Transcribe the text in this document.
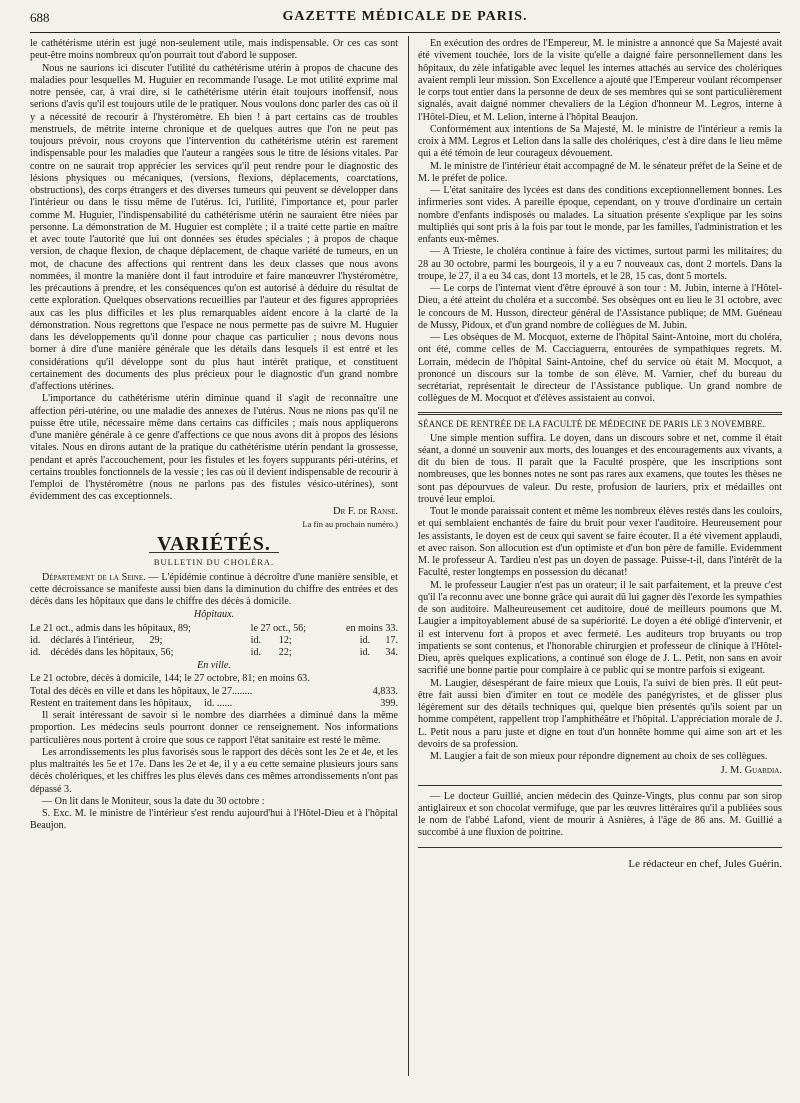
688	GAZETTE MÉDICALE DE PARIS.

le cathétérisme utérin est jugé non-seulement utile, mais indispensable. Or ces cas sont peut-être moins nombreux qu'on pourrait tout d'abord le supposer.

Nous ne saurions ici discuter l'utilité du cathétérisme utérin à propos de chacune des maladies pour lesquelles M. Huguier en recommande l'usage. Le mot utilité exprime mal notre pensée, car, à vrai dire, si le cathétérisme utérin était toujours inoffensif, nous serions d'avis qu'il est toujours utile de le pratiquer. Nous voulons donc parler des cas où il y a nécessité de recourir à l'hystéromètre. Eh bien ! à part certains cas de troubles menstruels, de métrite interne chronique et de quelques autres que l'on ne peut pas toujours prévoir, nous croyons que l'intervention du cathétérisme utérin est rarement indispensable pour les maladies que l'auteur a rangées sous le titre de lésions vitales. Par contre on ne saurait trop apprécier les services qu'il peut rendre pour le diagnostic des lésions physiques ou mécaniques, (versions, flexions, déplacements, coarctations, obstructions), des corps étrangers et des diverses tumeurs qui peuvent se développer dans l'intérieur ou dans le tissu même de l'utérus. Ici, l'utilité, l'importance et, pour parler comme M. Huguier, l'indispensabilité du cathétérisme utérin ne sauraient être niées par personne. La démonstration de M. Huguier est complète ; il a traité cette partie en maître et avec toute l'autorité que lui ont données ses études spéciales ; à propos de chaque version, de chaque flexion, de chaque déplacement, de chaque variété de tumeurs, en un mot, de chacune des affections qui rentrent dans les deux classes que nous avons nommées, il montre la manière dont il faut introduire et faire manœuvrer l'hystéromètre, les précautions à prendre, et les conséquences qu'on est autorisé à déduire du résultat de cette exploration. Quelques observations recueillies par l'auteur et des figures appropriées aux cas les plus difficiles et les plus remarquables aident encore à la clarté de la démonstration. Nous regrettons que l'espace ne nous permette pas de suivre M. Huguier dans les développements qu'il donne pour chaque cas particulier ; nous devons nous borner à dire d'une manière générale que les détails dans lesquels il est entré et les considérations qu'il développe sont du plus haut intérêt pratique, et constituent certainement des documents des plus précieux pour le diagnostic d'un grand nombre d'affections utérines.

L'importance du cathétérisme utérin diminue quand il s'agit de reconnaître une affection péri-utérine, ou une maladie des annexes de l'utérus. Nous ne nions pas qu'il ne puisse être utile, nécessaire même dans certains cas difficiles ; mais nous appliquerons d'une manière générale à ce genre d'affections ce que nous avons dit à propos des lésions vitales. Nous en dirons autant de la pratique du cathétérisme utérin pendant la grossesse, pendant et après l'accouchement, pour les fistules et les foyers suppurants péri-utérins, et certains troubles fonctionnels de la vessie ; les cas où il devient indispensable de recourir à l'emploi de l'hystéromètre (nous ne parlons pas des fistules vésico-utérines), sont évidemment des cas exceptionnels.

Dr F. de Ranse.
La fin au prochain numéro.)
VARIÉTÉS.
BULLETIN DU CHOLÉRA.

Département de la Seine. — L'épidémie continue à décroître d'une manière sensible, et cette décroissance se manifeste aussi bien dans la diminution du chiffre des entrées et des décès dans les hôpitaux que dans le chiffre des décès à domicile.

Hôpitaux.
Le 21 oct., admis dans les hôpitaux, 89;	le 27 oct., 56;	en moins 33.
id.    déclarés à l'intérieur,      29;	id.       12;	id.      17.
id.    décédés dans les hôpitaux, 56;	id.       22;	id.      34.
En ville.

Le 21 octobre, décès à domicile, 144; le 27 octobre, 81; en moins 63.

Total des décès en ville et dans les hôpitaux, le 27........	4,833.
Restent en traitement dans les hôpitaux,     id. ......	399.

Il serait intéressant de savoir si le nombre des diarrhées a diminué dans la même proportion. Les médecins seuls pourront donner ce renseignement. Nos informations particulières nous portent à croire que sous ce rapport l'état sanitaire est resté le même.

Les arrondissements les plus favorisés sous le rapport des décès sont les 2e et 4e, et les plus maltraités les 5e et 17e. Dans les 2e et 4e, il y a eu cette semaine plusieurs jours sans décès cholériques, et les chiffres les plus élevés dans ces mêmes arrondissements n'ont pas dépassé 3.

— On lit dans le Moniteur, sous la date du 30 octobre :

S. Exc. M. le ministre de l'intérieur s'est rendu aujourd'hui à l'Hôtel-Dieu et à l'hôpital Beaujon.

En exécution des ordres de l'Empereur, M. le ministre a annoncé que Sa Majesté avait été vivement touchée, lors de la visite qu'elle a daigné faire personnellement dans les hôpitaux, du zèle infatigable avec lequel les internes attachés au service des cholériques avaient rempli leur mission. Son Excellence a ajouté que l'Empereur voulant récompenser le corps tout entier dans la personne de deux de ses membres qui se sont particulièrement signalés, avait daigné nommer chevaliers de la Légion d'honneur M. Legros, interne à l'Hôtel-Dieu, et M. Lelion, interne à l'hôpital Beaujon.

Conformément aux intentions de Sa Majesté, M. le ministre de l'intérieur a remis la croix à MM. Legros et Lelion dans la salle des cholériques, c'est à dire dans le lieu même qui a été témoin de leur courageux dévouement.

M. le ministre de l'intérieur était accompagné de M. le sénateur préfet de la Seine et de M. le préfet de police.

— L'état sanitaire des lycées est dans des conditions exceptionnellement bonnes. Les infirmeries sont vides. A pareille époque, cependant, on y trouve d'ordinaire un certain nombre d'enfants indisposés ou malades. La situation présente s'explique par les soins multipliés qui sont pris à la fois par tout le monde, par les familles, l'administration et les enfants eux-mêmes.

— A Trieste, le choléra continue à faire des victimes, surtout parmi les militaires; du 28 au 30 octobre, parmi les bourgeois, il y a eu 7 nouveaux cas, dont 2 mortels. Dans la troupe, le 27, il a eu 34 cas, dont 13 mortels, et le 28, 15 cas, dont 5 mortels.

— Le corps de l'internat vient d'être éprouvé à son tour : M. Jubin, interne à l'Hôtel-Dieu, a été atteint du choléra et a succombé. Ses obsèques ont eu lieu le 31 octobre, avec le concours de M. Husson, directeur général de l'Assistance publique; de MM. Guéneau de Mussy, Pidoux, et d'un grand nombre de collègues de M. Jubin.

— Les obsèques de M. Mocquot, externe de l'hôpital Saint-Antoine, mort du choléra, ont été, comme celles de M. Cacciaguerra, entourées de sympathiques regrets. M. Lorrain, médecin de l'hôpital Saint-Antoine, chef du service où était M. Mocquot, a prononcé un discours sur la tombe de son élève. M. Varnier, chef du bureau du secrétariat, représentait le directeur de l'Assistance publique. Un grand nombre de collègues de M. Mocquot et d'élèves assistaient au convoi.

SÉANCE DE RENTRÉE DE LA FACULTÉ DE MÉDECINE DE PARIS LE 3 NOVEMBRE.

Une simple mention suffira. Le doyen, dans un discours sobre et net, comme il était séant, a donné un souvenir aux morts, des louanges et des encouragements aux vivants, a dit du bien de tous. Il paraît que la Faculté prospère, que les inscriptions sont nombreuses, que les bonnes notes ne sont pas rares aux examens, que toutes les thèses ne sont pas dépourvues de valeur. Du reste, profusion de lauriers, prix et médailles ont trouvé leur emploi.

Tout le monde paraissait content et même les nombreux élèves restés dans les couloirs, et qui semblaient enchantés de faire du bruit pour vexer l'auditoire. Heureusement pour les assistants, le doyen est de ceux qui savent se faire écouter. Il a été vivement applaudi, et avec raison. Son allocution est d'un optimiste et d'un bon père de famille. Evidemment M. le professeur A. Tardieu n'est pas un doyen de passage. Puisse-t-il, dans l'intérêt de la Faculté, rester longtemps en possession du décanat!

M. le professeur Laugier n'est pas un orateur; il le sait parfaitement, et la preuve c'est qu'il l'a reconnu avec une bonne grâce qui aurait dû lui gagner dès l'exorde les sympathies de son auditoire. Malheureusement cet auditoire, doué de meilleurs poumons que M. Laugier a impitoyablement abusé de sa supériorité. Le doyen a été obligé d'intervenir, et il est intervenu fort à propos et avec fermeté. Les auditeurs trop bruyants ou trop impatients se sont contenus, et l'honorable chirurgien et professeur de clinique à l'Hôtel-Dieu, après quelques explications, a continué son éloge de J. L. Petit, non sans en avoir sacrifié une bonne partie pour complaire à ce public qui se montre parfois si exigeant.

M. Laugier, désespérant de faire mieux que Louis, l'a suivi de bien près. Il eût peut-être fait aussi bien d'imiter en tout ce modèle des panégyristes, et de glisser plus légèrement sur des détails techniques qui, quelque bien présentés qu'ils soient par un homme compétent, rappellent trop l'amphithéâtre et l'hôpital. L'appréciation morale de J. L. Petit nous a paru juste et digne en tout d'un honnête homme qui aime son art et les devoirs de sa profession.

M. Laugier a fait de son mieux pour répondre dignement au choix de ses collègues.

J. M. Guardia.

— Le docteur Guillié, ancien médecin des Quinze-Vingts, plus connu par son sirop antiglaireux et son chocolat vermifuge, que par les œuvres littéraires qu'il a publiées sous le nom de l'abbé Lafond, vient de mourir à Asnières, à l'âge de 86 ans. M. Guillié a succombé à une fluxion de poitrine.

Le rédacteur en chef, Jules Guérin.
